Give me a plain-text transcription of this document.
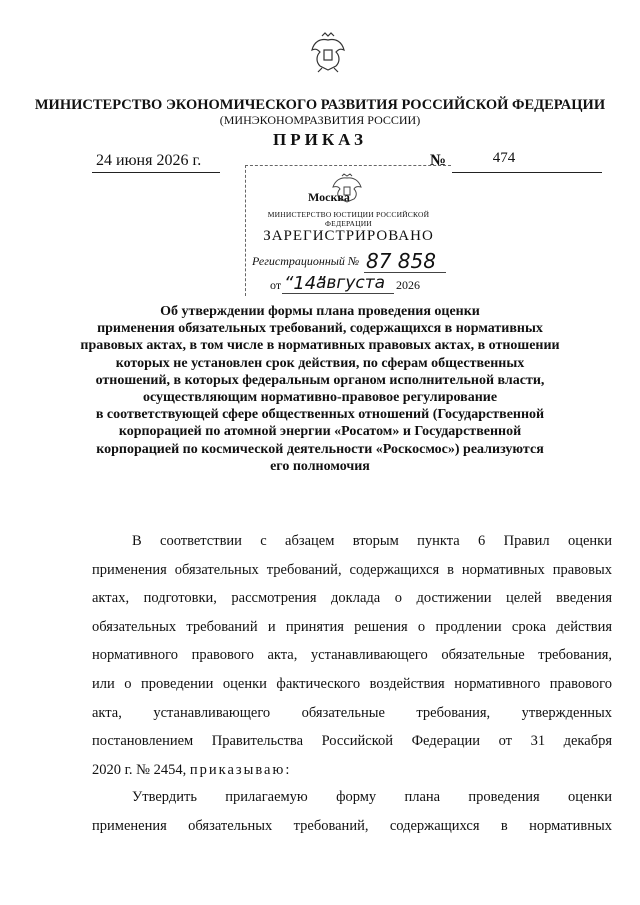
МИНИСТЕРСТВО ЭКОНОМИЧЕСКОГО РАЗВИТИЯ РОССИЙСКОЙ ФЕДЕРАЦИИ
(МИНЭКОНОМРАЗВИТИЯ РОССИИ)
ПРИКАЗ
24 июня 2026 г.	№	474
МИНИСТЕРСТВО ЮСТИЦИИ РОССИЙСКОЙ ФЕДЕРАЦИИ
ЗАРЕГИСТРИРОВАНО
Регистрационный № 87 858
от “14”
августа 2026
Москва
Об утверждении формы плана проведения оценки
применения обязательных требований, содержащихся в нормативных
правовых актах, в том числе в нормативных правовых актах, в отношении
которых не установлен срок действия, по сферам общественных
отношений, в которых федеральным органом исполнительной власти,
осуществляющим нормативно-правовое регулирование
в соответствующей сфере общественных отношений (Государственной
корпорацией по атомной энергии «Росатом» и Государственной
корпорацией по космической деятельности «Роскосмос») реализуются
его полномочия
В соответствии с абзацем вторым пункта 6 Правил оценки
применения обязательных требований, содержащихся в нормативных правовых
актах, подготовки, рассмотрения доклада о достижении целей введения
обязательных требований и принятия решения о продлении срока действия
нормативного правового акта, устанавливающего обязательные требования,
или о проведении оценки фактического воздействия нормативного правового
акта, устанавливающего обязательные требования, утвержденных
постановлением Правительства Российской Федерации от 31 декабря
2020 г. № 2454, приказываю:
Утвердить прилагаемую форму плана проведения оценки
применения обязательных требований, содержащихся в нормативных
